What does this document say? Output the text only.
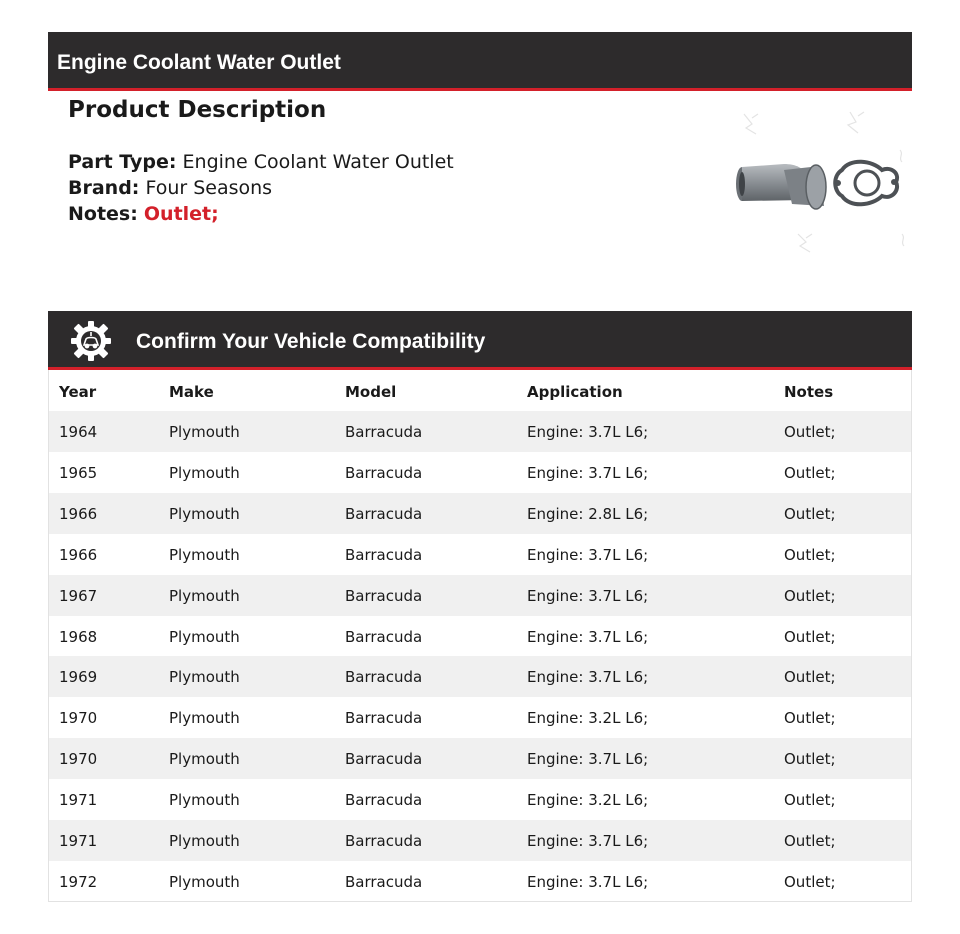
Engine Coolant Water Outlet
Product Description
Part Type: Engine Coolant Water Outlet
Brand: Four Seasons
Notes: Outlet;
Confirm Your Vehicle Compatibility
Year	Make	Model	Application	Notes
1964	Plymouth	Barracuda	Engine: 3.7L L6;	Outlet;
1965	Plymouth	Barracuda	Engine: 3.7L L6;	Outlet;
1966	Plymouth	Barracuda	Engine: 2.8L L6;	Outlet;
1966	Plymouth	Barracuda	Engine: 3.7L L6;	Outlet;
1967	Plymouth	Barracuda	Engine: 3.7L L6;	Outlet;
1968	Plymouth	Barracuda	Engine: 3.7L L6;	Outlet;
1969	Plymouth	Barracuda	Engine: 3.7L L6;	Outlet;
1970	Plymouth	Barracuda	Engine: 3.2L L6;	Outlet;
1970	Plymouth	Barracuda	Engine: 3.7L L6;	Outlet;
1971	Plymouth	Barracuda	Engine: 3.2L L6;	Outlet;
1971	Plymouth	Barracuda	Engine: 3.7L L6;	Outlet;
1972	Plymouth	Barracuda	Engine: 3.7L L6;	Outlet;
